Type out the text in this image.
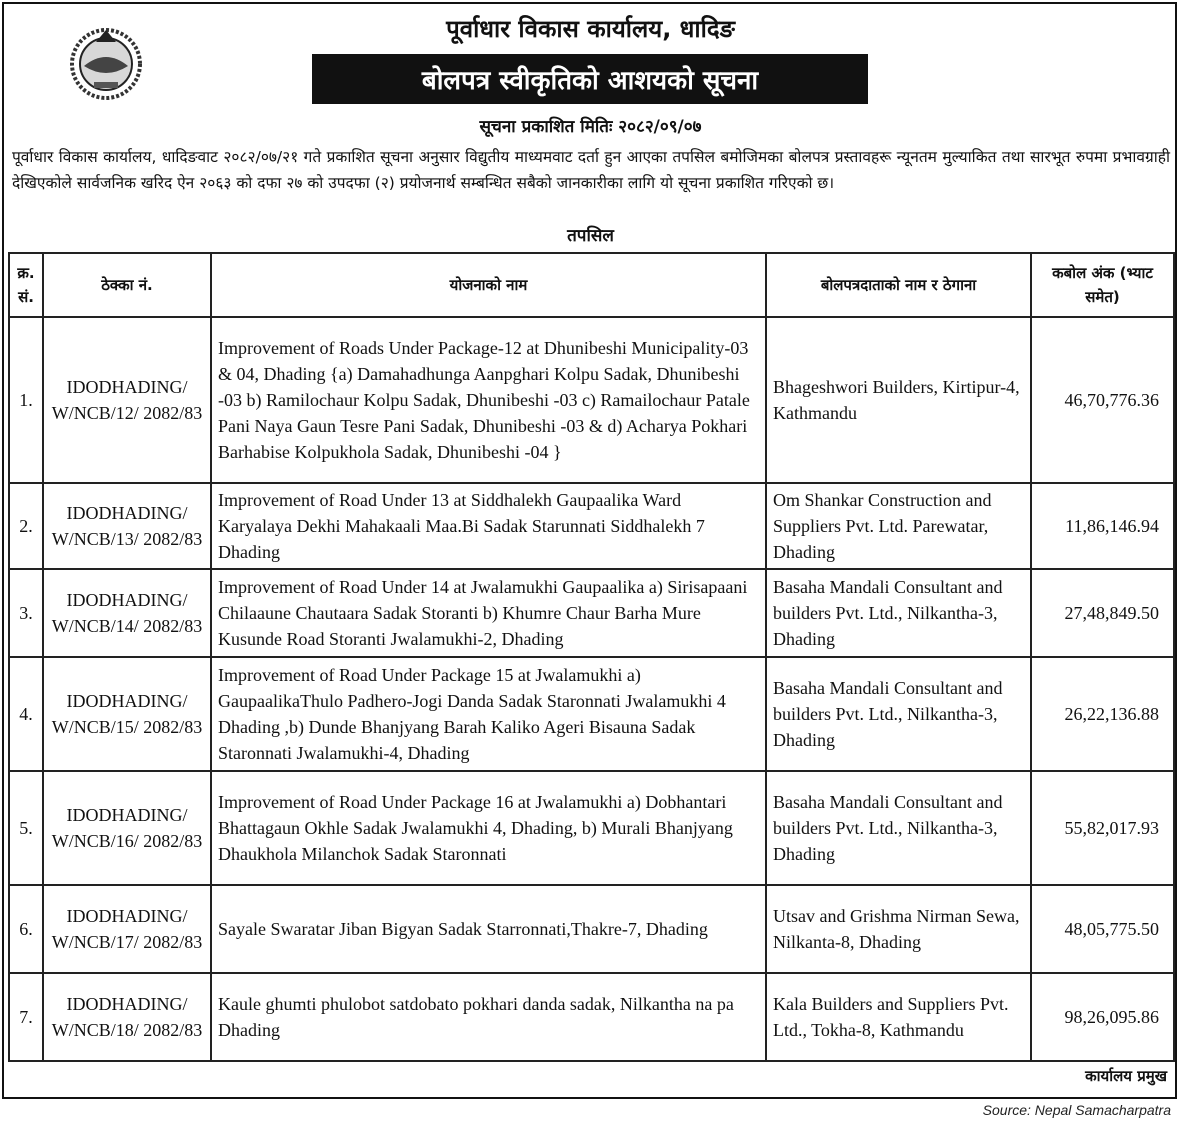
पूर्वाधार विकास कार्यालय, धादिङ
बोलपत्र स्वीकृतिको आशयको सूचना
सूचना प्रकाशित मितिः २०८२/०९/०७

पूर्वाधार विकास कार्यालय, धादिङवाट २०८२/०७/२१ गते प्रकाशित सूचना अनुसार विद्युतीय माध्यमवाट दर्ता हुन आएका तपसिल बमोजिमका बोलपत्र प्रस्तावहरू न्यूनतम मुल्याकित तथा सारभूत रुपमा प्रभावग्राही देखिएकोले सार्वजनिक खरिद ऐन २०६३ को दफा २७ को उपदफा (२) प्रयोजनार्थ सम्बन्धित सबैको जानकारीका लागि यो सूचना प्रकाशित गरिएको छ।

तपसिल
क्र. सं.	ठेक्का नं.	योजनाको नाम	बोलपत्रदाताको नाम र ठेगाना	कबोल अंक (भ्याट समेत)
1.	IDODHADING/ W/NCB/12/ 2082/83	Improvement of Roads Under Package-12 at Dhunibeshi Municipality-03 & 04, Dhading {a) Damahadhunga Aanpghari Kolpu Sadak, Dhunibeshi -03 b) Ramilochaur Kolpu Sadak, Dhunibeshi -03 c) Ramailochaur Patale Pani Naya Gaun Tesre Pani Sadak, Dhunibeshi -03 & d) Acharya Pokhari Barhabise Kolpukhola Sadak, Dhunibeshi -04 }	Bhageshwori Builders, Kirtipur-4, Kathmandu	46,70,776.36
2.	IDODHADING/ W/NCB/13/ 2082/83	Improvement of Road Under 13 at Siddhalekh Gaupaalika Ward Karyalaya Dekhi Mahakaali Maa.Bi Sadak Starunnati Siddhalekh 7 Dhading	Om Shankar Construction and Suppliers Pvt. Ltd. Parewatar, Dhading	11,86,146.94
3.	IDODHADING/ W/NCB/14/ 2082/83	Improvement of Road Under 14 at Jwalamukhi Gaupaalika a) Sirisapaani Chilaaune Chautaara Sadak Storanti b) Khumre Chaur Barha Mure Kusunde Road Storanti Jwalamukhi-2, Dhading	Basaha Mandali Consultant and builders Pvt. Ltd., Nilkantha-3, Dhading	27,48,849.50
4.	IDODHADING/ W/NCB/15/ 2082/83	Improvement of Road Under Package 15 at Jwalamukhi a) GaupaalikaThulo Padhero-Jogi Danda Sadak Staronnati Jwalamukhi 4 Dhading ,b) Dunde Bhanjyang Barah Kaliko Ageri Bisauna Sadak Staronnati Jwalamukhi-4, Dhading	Basaha Mandali Consultant and builders Pvt. Ltd., Nilkantha-3, Dhading	26,22,136.88
5.	IDODHADING/ W/NCB/16/ 2082/83	Improvement of Road Under Package 16 at Jwalamukhi a) Dobhantari Bhattagaun Okhle Sadak Jwalamukhi 4, Dhading, b) Murali Bhanjyang Dhaukhola Milanchok Sadak Staronnati	Basaha Mandali Consultant and builders Pvt. Ltd., Nilkantha-3, Dhading	55,82,017.93
6.	IDODHADING/ W/NCB/17/ 2082/83	Sayale Swaratar Jiban Bigyan Sadak Starronnati,Thakre-7, Dhading	Utsav and Grishma Nirman Sewa, Nilkanta-8, Dhading	48,05,775.50
7.	IDODHADING/ W/NCB/18/ 2082/83	Kaule ghumti phulobot satdobato pokhari danda sadak, Nilkantha na pa Dhading	Kala Builders and Suppliers Pvt. Ltd., Tokha-8, Kathmandu	98,26,095.86
कार्यालय प्रमुख
Source: Nepal Samacharpatra
